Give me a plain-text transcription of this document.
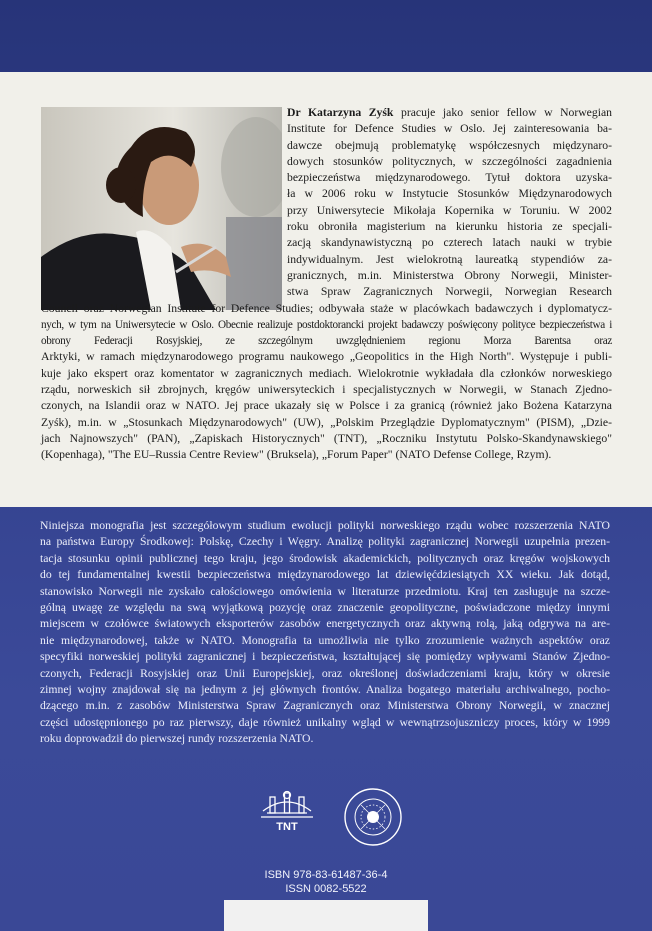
Dr Katarzyna Zyśk pracuje jako senior fellow w Norwegian
Institute for Defence Studies w Oslo. Jej zainteresowania ba-
dawcze obejmują problematykę współczesnych międzynaro-
dowych stosunków politycznych, w szczególności zagadnienia
bezpieczeństwa międzynarodowego. Tytuł doktora uzyska-
ła w 2006 roku w Instytucie Stosunków Międzynarodowych
przy Uniwersytecie Mikołaja Kopernika w Toruniu. W 2002
roku obroniła magisterium na kierunku historia ze specjali-
zacją skandynawistyczną po czterech latach nauki w trybie
indywidualnym. Jest wielokrotną laureatką stypendiów za-
granicznych, m.in. Ministerstwa Obrony Norwegii, Minister-
stwa Spraw Zagranicznych Norwegii, Norwegian Research
Council oraz Norwegian Institute for Defence Studies; odbywała staże w placówkach badawczych i dyplomatycz-
nych, w tym na Uniwersytecie w Oslo. Obecnie realizuje postdoktorancki projekt badawczy poświęcony polityce bezpieczeństwa i obrony Federacji Rosyjskiej, ze szczególnym uwzględnieniem regionu Morza Barentsa oraz
Arktyki, w ramach międzynarodowego programu naukowego „Geopolitics in the High North". Występuje i publi-
kuje jako ekspert oraz komentator w zagranicznych mediach. Wielokrotnie wykładała dla członków norweskiego
rządu, norweskich sił zbrojnych, kręgów uniwersyteckich i specjalistycznych w Norwegii, w Stanach Zjedno-
czonych, na Islandii oraz w NATO. Jej prace ukazały się w Polsce i za granicą (również jako Bożena Katarzyna
Zyśk), m.in. w „Stosunkach Międzynarodowych" (UW), „Polskim Przeglądzie Dyplomatycznym" (PISM), „Dzie-
jach Najnowszych" (PAN), „Zapiskach Historycznych" (TNT), „Roczniku Instytutu Polsko-Skandynawskiego"
(Kopenhaga), "The EU–Russia Centre Review" (Bruksela), „Forum Paper" (NATO Defense College, Rzym).
Niniejsza monografia jest szczegółowym studium ewolucji polityki norweskiego rządu wobec rozszerzenia NATO
na państwa Europy Środkowej: Polskę, Czechy i Węgry. Analizę polityki zagranicznej Norwegii uzupełnia prezen-
tacja stosunku opinii publicznej tego kraju, jego środowisk akademickich, politycznych oraz kręgów wojskowych
do tej fundamentalnej kwestii bezpieczeństwa międzynarodowego lat dziewięćdziesiątych XX wieku. Jak dotąd,
stanowisko Norwegii nie zyskało całościowego omówienia w literaturze przedmiotu. Kraj ten zasługuje na szcze-
gólną uwagę ze względu na swą wyjątkową pozycję oraz znaczenie geopolityczne, poświadczone między innymi
miejscem w czołówce światowych eksporterów zasobów energetycznych oraz aktywną rolą, jaką odgrywa na are-
nie międzynarodowej, także w NATO. Monografia ta umożliwia nie tylko zrozumienie ważnych aspektów oraz
specyfiki norweskiej polityki zagranicznej i bezpieczeństwa, kształtującej się pomiędzy wpływami Stanów Zjedno-
czonych, Federacji Rosyjskiej oraz Unii Europejskiej, oraz określonej doświadczeniami kraju, który w okresie
zimnej wojny znajdował się na jednym z jej głównych frontów. Analiza bogatego materiału archiwalnego, pocho-
dzącego m.in. z zasobów Ministerstwa Spraw Zagranicznych oraz Ministerstwa Obrony Norwegii, w znacznej
części udostępnionego po raz pierwszy, daje również unikalny wgląd w wewnątrzsojuszniczy proces, który w 1999
roku doprowadził do pierwszej rundy rozszerzenia NATO.
TNT
ISBN 978-83-61487-36-4
ISSN 0082-5522
